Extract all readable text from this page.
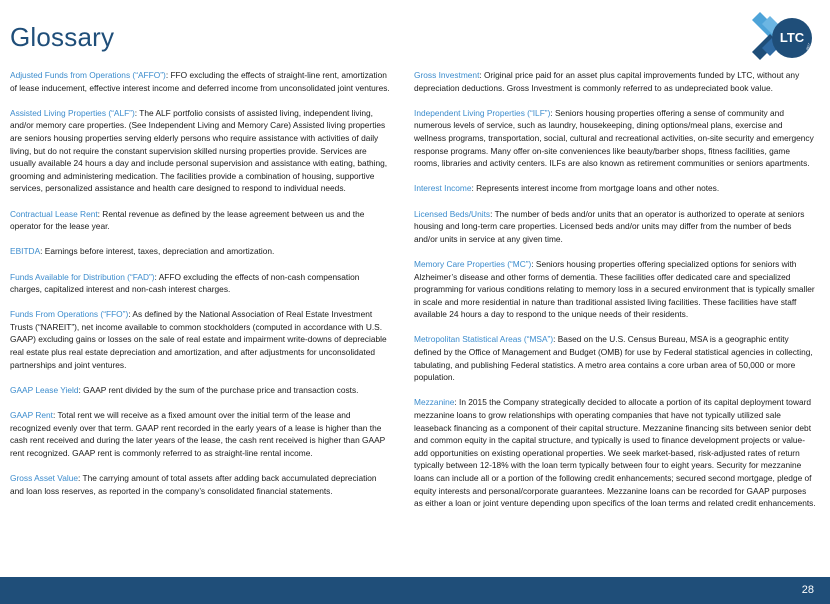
Glossary	LTC
REIT

Adjusted Funds from Operations (“AFFO”): FFO excluding the effects of straight-line rent, amortization of lease inducement, effective interest income and deferred income from unconsolidated joint ventures.

Assisted Living Properties (“ALF”): The ALF portfolio consists of assisted living, independent living, and/or memory care properties. (See Independent Living and Memory Care) Assisted living properties are seniors housing properties serving elderly persons who require assistance with activities of daily living, but do not require the constant supervision skilled nursing properties provide. Services are usually available 24 hours a day and include personal supervision and assistance with eating, bathing, grooming and administering medication. The facilities provide a combination of housing, supportive services, personalized assistance and health care designed to respond to individual needs.

Contractual Lease Rent: Rental revenue as defined by the lease agreement between us and the operator for the lease year.

EBITDA: Earnings before interest, taxes, depreciation and amortization.

Funds Available for Distribution (“FAD”): AFFO excluding the effects of non-cash compensation charges, capitalized interest and non-cash interest charges.

Funds From Operations (“FFO”): As defined by the National Association of Real Estate Investment Trusts (“NAREIT”), net income available to common stockholders (computed in accordance with U.S. GAAP) excluding gains or losses on the sale of real estate and impairment write-downs of depreciable real estate plus real estate depreciation and amortization, and after adjustments for unconsolidated partnerships and joint ventures.

GAAP Lease Yield: GAAP rent divided by the sum of the purchase price and transaction costs.

GAAP Rent: Total rent we will receive as a fixed amount over the initial term of the lease and recognized evenly over that term. GAAP rent recorded in the early years of a lease is higher than the cash rent received and during the later years of the lease, the cash rent received is higher than GAAP rent recognized. GAAP rent is commonly referred to as straight-line rental income.

Gross Asset Value: The carrying amount of total assets after adding back accumulated depreciation and loan loss reserves, as reported in the company’s consolidated financial statements.

Gross Investment: Original price paid for an asset plus capital improvements funded by LTC, without any depreciation deductions. Gross Investment is commonly referred to as undepreciated book value.

Independent Living Properties (“ILF”): Seniors housing properties offering a sense of community and numerous levels of service, such as laundry, housekeeping, dining options/meal plans, exercise and wellness programs, transportation, social, cultural and recreational activities, on-site security and emergency response programs. Many offer on-site conveniences like beauty/barber shops, fitness facilities, game rooms, libraries and activity centers. ILFs are also known as retirement communities or seniors apartments.

Interest Income: Represents interest income from mortgage loans and other notes.

Licensed Beds/Units: The number of beds and/or units that an operator is authorized to operate at seniors housing and long-term care properties. Licensed beds and/or units may differ from the number of beds and/or units in service at any given time.

Memory Care Properties (“MC”): Seniors housing properties offering specialized options for seniors with Alzheimer’s disease and other forms of dementia. These facilities offer dedicated care and specialized programming for various conditions relating to memory loss in a secured environment that is typically smaller in scale and more residential in nature than traditional assisted living facilities. These facilities have staff available 24 hours a day to respond to the unique needs of their residents.

Metropolitan Statistical Areas (“MSA”): Based on the U.S. Census Bureau, MSA is a geographic entity defined by the Office of Management and Budget (OMB) for use by Federal statistical agencies in collecting, tabulating, and publishing Federal statistics. A metro area contains a core urban area of 50,000 or more population.

Mezzanine: In 2015 the Company strategically decided to allocate a portion of its capital deployment toward mezzanine loans to grow relationships with operating companies that have not typically utilized sale leaseback financing as a component of their capital structure. Mezzanine financing sits between senior debt and common equity in the capital structure, and typically is used to finance development projects or value-add opportunities on existing operational properties. We seek market-based, risk-adjusted rates of return typically between 12-18% with the loan term typically between four to eight years. Security for mezzanine loans can include all or a portion of the following credit enhancements; secured second mortgage, pledge of equity interests and personal/corporate guarantees. Mezzanine loans can be recorded for GAAP purposes as either a loan or joint venture depending upon specifics of the loan terms and related credit enhancements.

28
